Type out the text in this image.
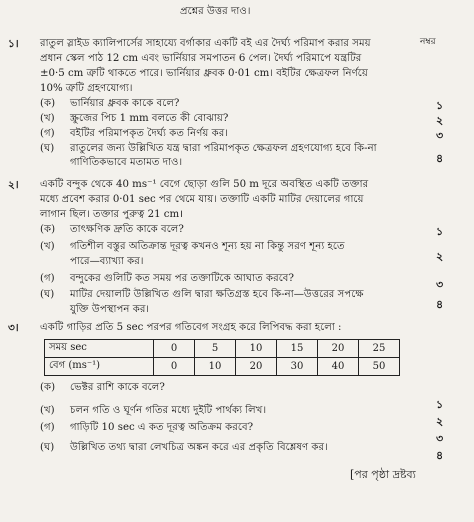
প্রশ্নের উত্তর দাও।
নম্বর
১। রাতুল স্লাইড ক্যালিপার্সের সাহায্যে বর্গাকার একটি বই এর দৈর্ঘ্য পরিমাপ করার সময়
প্রধান স্কেল পাঠ 12 cm এবং ভার্নিয়ার সমপাতন 6 পেল। দৈর্ঘ্য পরিমাপে যন্ত্রটির
±0·5 cm ত্রুটি থাকতে পারে। ভার্নিয়ার ধ্রুবক 0·01 cm। বইটির ক্ষেত্রফল নির্ণয়ে
10% ত্রুটি গ্রহণযোগ্য।
(ক) ভার্নিয়ার ধ্রুবক কাকে বলে?	১
(খ) স্ক্রুজের পিচ 1 mm বলতে কী বোঝায়?	২
(গ) বইটির পরিমাপকৃত দৈর্ঘ্য কত নির্ণয় কর।	৩
(ঘ) রাতুলের জন্য উল্লিখিত যন্ত্র দ্বারা পরিমাপকৃত ক্ষেত্রফল গ্রহণযোগ্য হবে কি-না
গাণিতিকভাবে মতামত দাও।	৪
২। একটি বন্দুক থেকে 40 ms⁻¹ বেগে ছোড়া গুলি 50 m দূরে অবস্থিত একটি তক্তার
মধ্যে প্রবেশ করার 0·01 sec পর থেমে যায়। তক্তাটি একটি মাটির দেয়ালের গায়ে
লাগান ছিল। তক্তার পুরুত্ব 21 cm।
(ক) তাৎক্ষণিক দ্রুতি কাকে বলে?	১
(খ) গতিশীল বস্তুর অতিক্রান্ত দূরত্ব কখনও শূন্য হয় না কিন্তু সরণ শূন্য হতে
পারে—ব্যাখ্যা কর।	২
(গ) বন্দুকের গুলিটি কত সময় পর তক্তাটিকে আঘাত করবে?	৩
(ঘ) মাটির দেয়ালটি উল্লিখিত গুলি দ্বারা ক্ষতিগ্রস্ত হবে কি-না—উত্তরের সপক্ষে
যুক্তি উপস্থাপন কর।	৪
৩। একটি গাড়ির প্রতি 5 sec পরপর গতিবেগ সংগ্রহ করে লিপিবদ্ধ করা হলো :
সময় sec	0	5	10	15	20	25
বেগ (ms⁻¹)	0	10	20	30	40	50
(ক) ভেক্টর রাশি কাকে বলে?
১
(খ) চলন গতি ও ঘূর্ণন গতির মধ্যে দুইটি পার্থক্য লিখ।
২
(গ) গাড়িটি 10 sec এ কত দূরত্ব অতিক্রম করবে?
৩
(ঘ) উল্লিখিত তথ্য দ্বারা লেখচিত্র অঙ্কন করে এর প্রকৃতি বিশ্লেষণ কর।
৪
[পর পৃষ্ঠা দ্রষ্টব্য
